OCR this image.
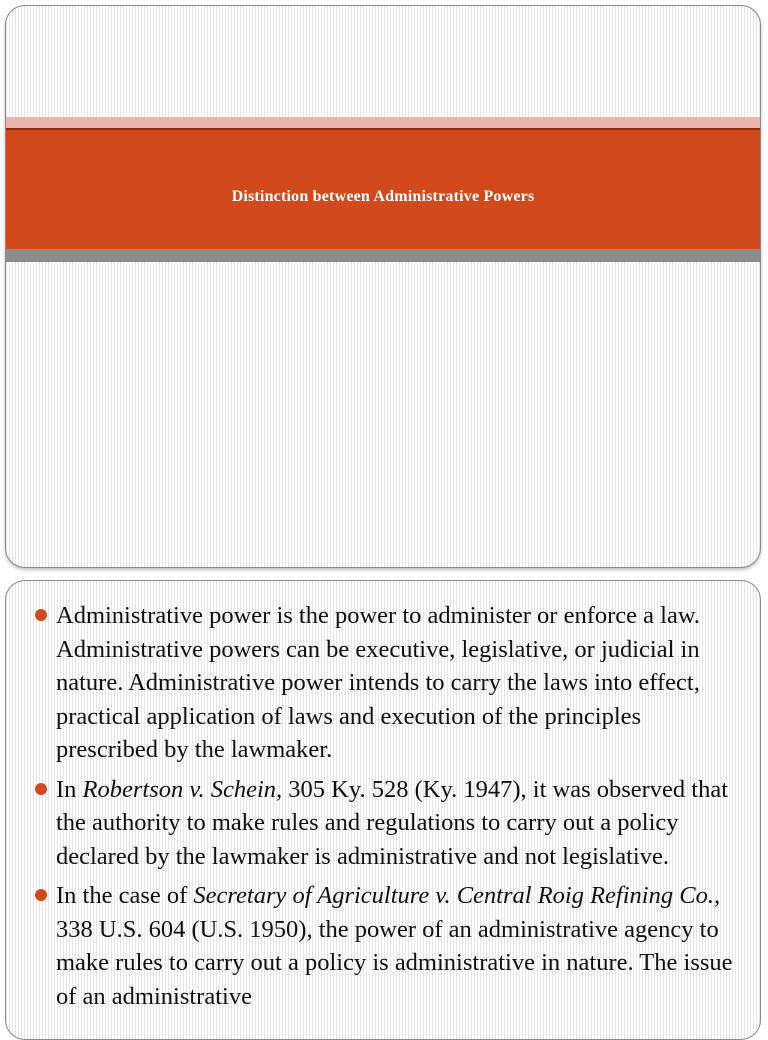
Distinction between Administrative Powers
Administrative power is the power to administer or enforce a law. Administrative powers can be executive, legislative, or judicial in nature. Administrative power intends to carry the laws into effect, practical application of laws and execution of the principles prescribed by the lawmaker.
In Robertson v. Schein, 305 Ky. 528 (Ky. 1947), it was observed that the authority to make rules and regulations to carry out a policy declared by the lawmaker is administrative and not legislative.
In the case of Secretary of Agriculture v. Central Roig Refining Co., 338 U.S. 604 (U.S. 1950), the power of an administrative agency to make rules to carry out a policy is administrative in nature. The issue of an administrative
